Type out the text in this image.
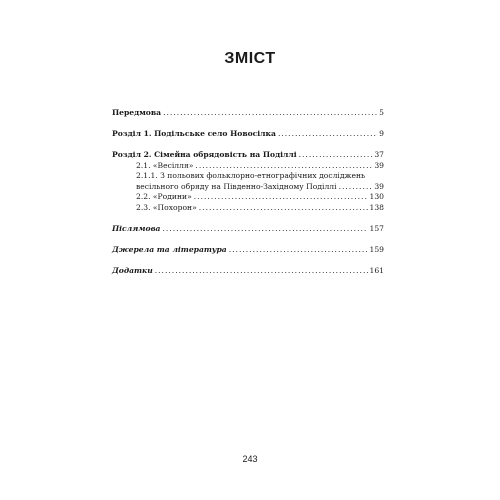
ЗМІСТ
Передмова .....	5
Розділ 1. Подільське село Новосілка .....	9
Розділ 2. Сімейна обрядовість на Поділлі .....	37
2.1. «Весілля» .....	39
2.1.1. З польових фольклорно-етнографічних досліджень
весільного обряду на Південно-Західному Поділлі .....	39
2.2. «Родини» .....	130
2.3. «Похорон» .....	138
Післямова .....	157
Джерела та література .....	159
Додатки .....	161
243
